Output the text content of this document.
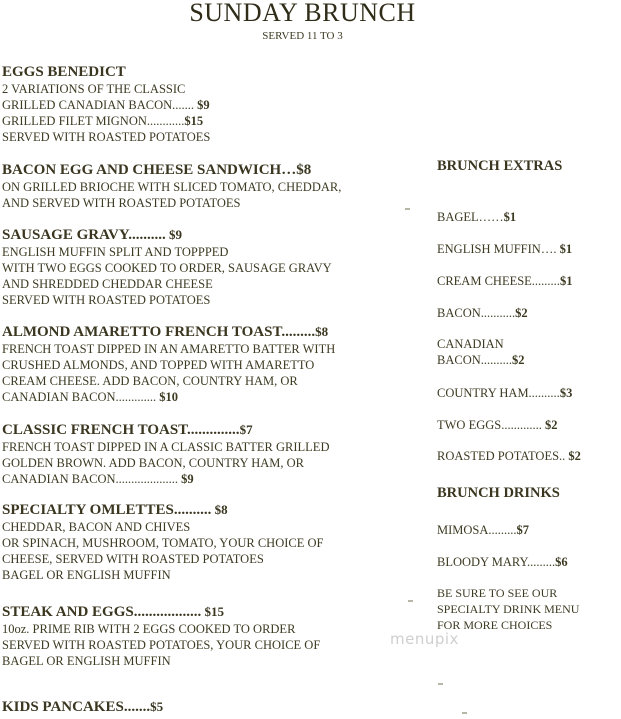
SUNDAY BRUNCH
SERVED 11 TO 3
EGGS BENEDICT
2 VARIATIONS OF THE CLASSIC
GRILLED CANADIAN BACON....... $9
GRILLED FILET MIGNON............$15
SERVED WITH ROASTED POTATOES
BACON EGG AND CHEESE SANDWICH…$8
ON GRILLED BRIOCHE WITH SLICED TOMATO, CHEDDAR,
AND SERVED WITH ROASTED POTATOES
SAUSAGE GRAVY.......... $9
ENGLISH MUFFIN SPLIT AND TOPPPED
WITH TWO EGGS COOKED TO ORDER, SAUSAGE GRAVY
AND SHREDDED CHEDDAR CHEESE
SERVED WITH ROASTED POTATOES
ALMOND AMARETTO FRENCH TOAST.........$8
FRENCH TOAST DIPPED IN AN AMARETTO BATTER WITH
CRUSHED ALMONDS, AND TOPPED WITH AMARETTO
CREAM CHEESE. ADD BACON, COUNTRY HAM, OR
CANADIAN BACON............. $10
CLASSIC FRENCH TOAST..............$7
FRENCH TOAST DIPPED IN A CLASSIC BATTER GRILLED
GOLDEN BROWN. ADD BACON, COUNTRY HAM, OR
CANADIAN BACON.................... $9
SPECIALTY OMLETTES.......... $8
CHEDDAR, BACON AND CHIVES
OR SPINACH, MUSHROOM, TOMATO, YOUR CHOICE OF
CHEESE, SERVED WITH ROASTED POTATOES
BAGEL OR ENGLISH MUFFIN
STEAK AND EGGS.................. $15
10oz. PRIME RIB WITH 2 EGGS COOKED TO ORDER
SERVED WITH ROASTED POTATOES, YOUR CHOICE OF
BAGEL OR ENGLISH MUFFIN
KIDS PANCAKES.......$5
BRUNCH EXTRAS
BAGEL……$1
ENGLISH MUFFIN…. $1
CREAM CHEESE.........$1
BACON...........$2
CANADIAN
BACON..........$2
COUNTRY HAM..........$3
TWO EGGS............. $2
ROASTED POTATOES.. $2
BRUNCH DRINKS
MIMOSA.........$7
BLOODY MARY.........$6
BE SURE TO SEE OUR
SPECIALTY DRINK MENU
FOR MORE CHOICES
menupix
